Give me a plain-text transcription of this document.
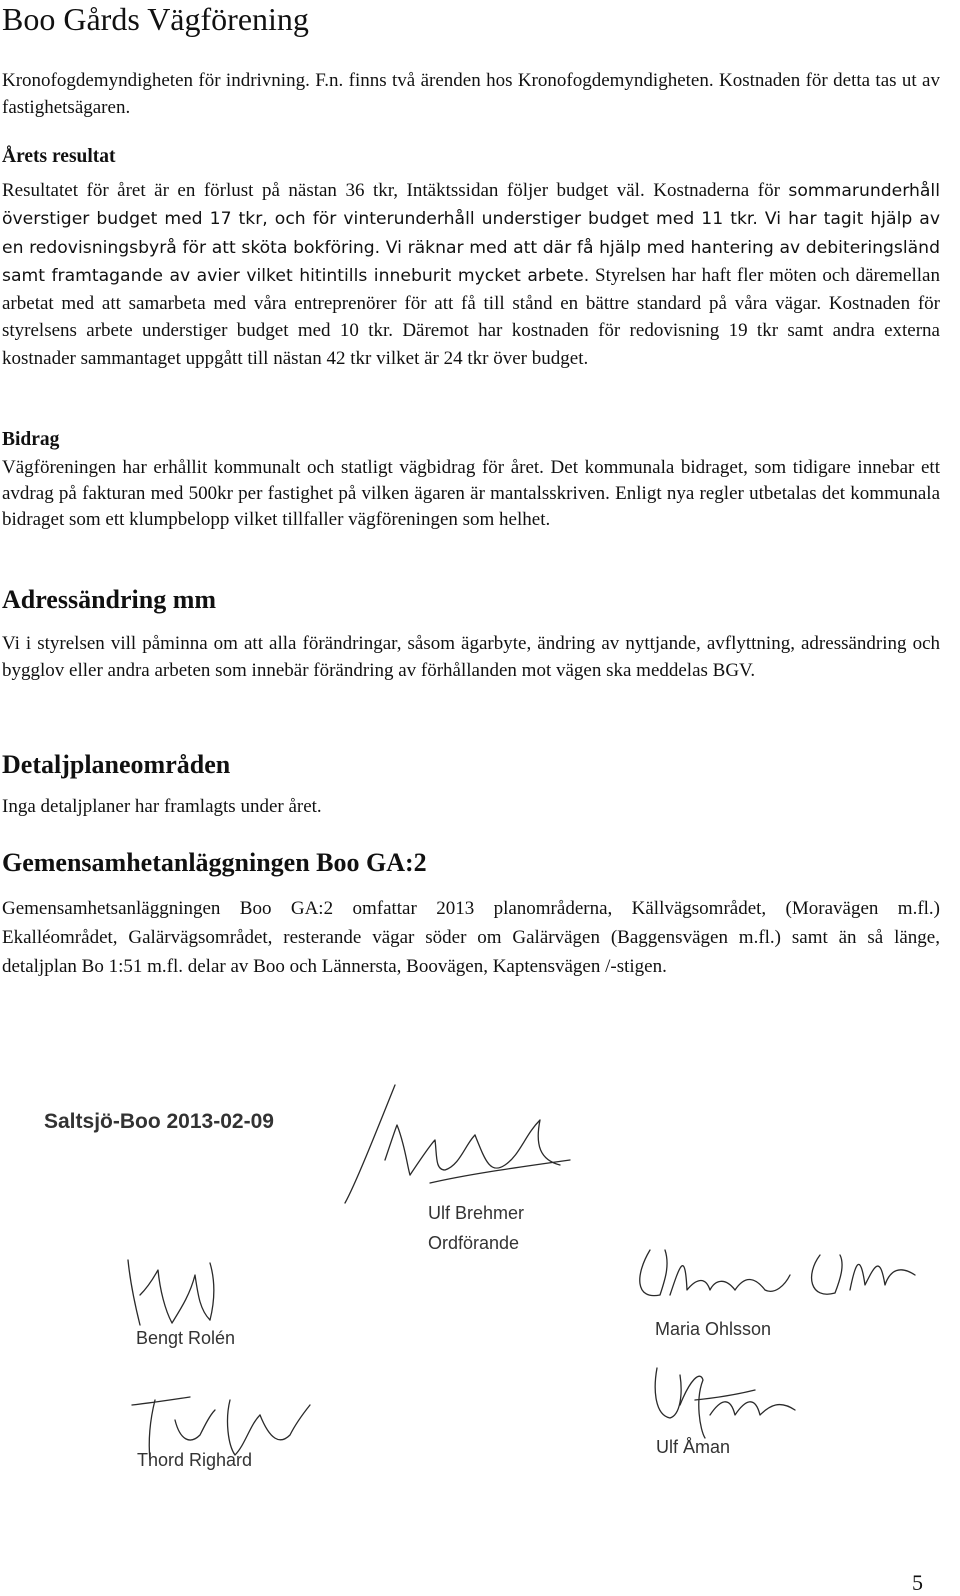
Boo Gårds Vägförening

Kronofogdemyndigheten för indrivning. F.n. finns två ärenden hos Kronofogdemyndigheten. Kostnaden för detta tas ut av fastighetsägaren.

Årets resultat

Resultatet för året är en förlust på nästan 36 tkr, Intäktssidan följer budget väl. Kostnaderna för sommarunderhåll överstiger budget med 17 tkr, och för vinterunderhåll understiger budget med 11 tkr. Vi har tagit hjälp av en redovisningsbyrå för att sköta bokföring. Vi räknar med att där få hjälp med hantering av debiteringsländ samt framtagande av avier vilket hitintills inneburit mycket arbete. Styrelsen har haft fler möten och däremellan arbetat med att samarbeta med våra entreprenörer för att få till stånd en bättre standard på våra vägar. Kostnaden för styrelsens arbete understiger budget med 10 tkr. Däremot har kostnaden för redovisning 19 tkr samt andra externa kostnader sammantaget uppgått till nästan 42 tkr vilket är 24 tkr över budget.

Bidrag

Vägföreningen har erhållit kommunalt och statligt vägbidrag för året. Det kommunala bidraget, som tidigare innebar ett avdrag på fakturan med 500kr per fastighet på vilken ägaren är mantalsskriven. Enligt nya regler utbetalas det kommunala bidraget som ett klumpbelopp vilket tillfaller vägföreningen som helhet.

Adressändring mm

Vi i styrelsen vill påminna om att alla förändringar, såsom ägarbyte, ändring av nyttjande, avflyttning, adressändring och bygglov eller andra arbeten som innebär förändring av förhållanden mot vägen ska meddelas BGV.

Detaljplaneområden

Inga detaljplaner har framlagts under året.

Gemensamhetanläggningen Boo GA:2

Gemensamhetsanläggningen Boo GA:2 omfattar 2013 planområderna, Källvägsområdet, (Moravägen m.fl.) Ekalléområdet, Galärvägsområdet, resterande vägar söder om Galärvägen (Baggensvägen m.fl.) samt än så länge, detaljplan Bo 1:51 m.fl. delar av Boo och Lännersta, Boovägen, Kaptensvägen /-stigen.

Saltsjö-Boo 2013-02-09

Ulf Brehmer

Ordförande

Maria Ohlsson

Bengt Rolén

Ulf Åman

Thord Righard

5
